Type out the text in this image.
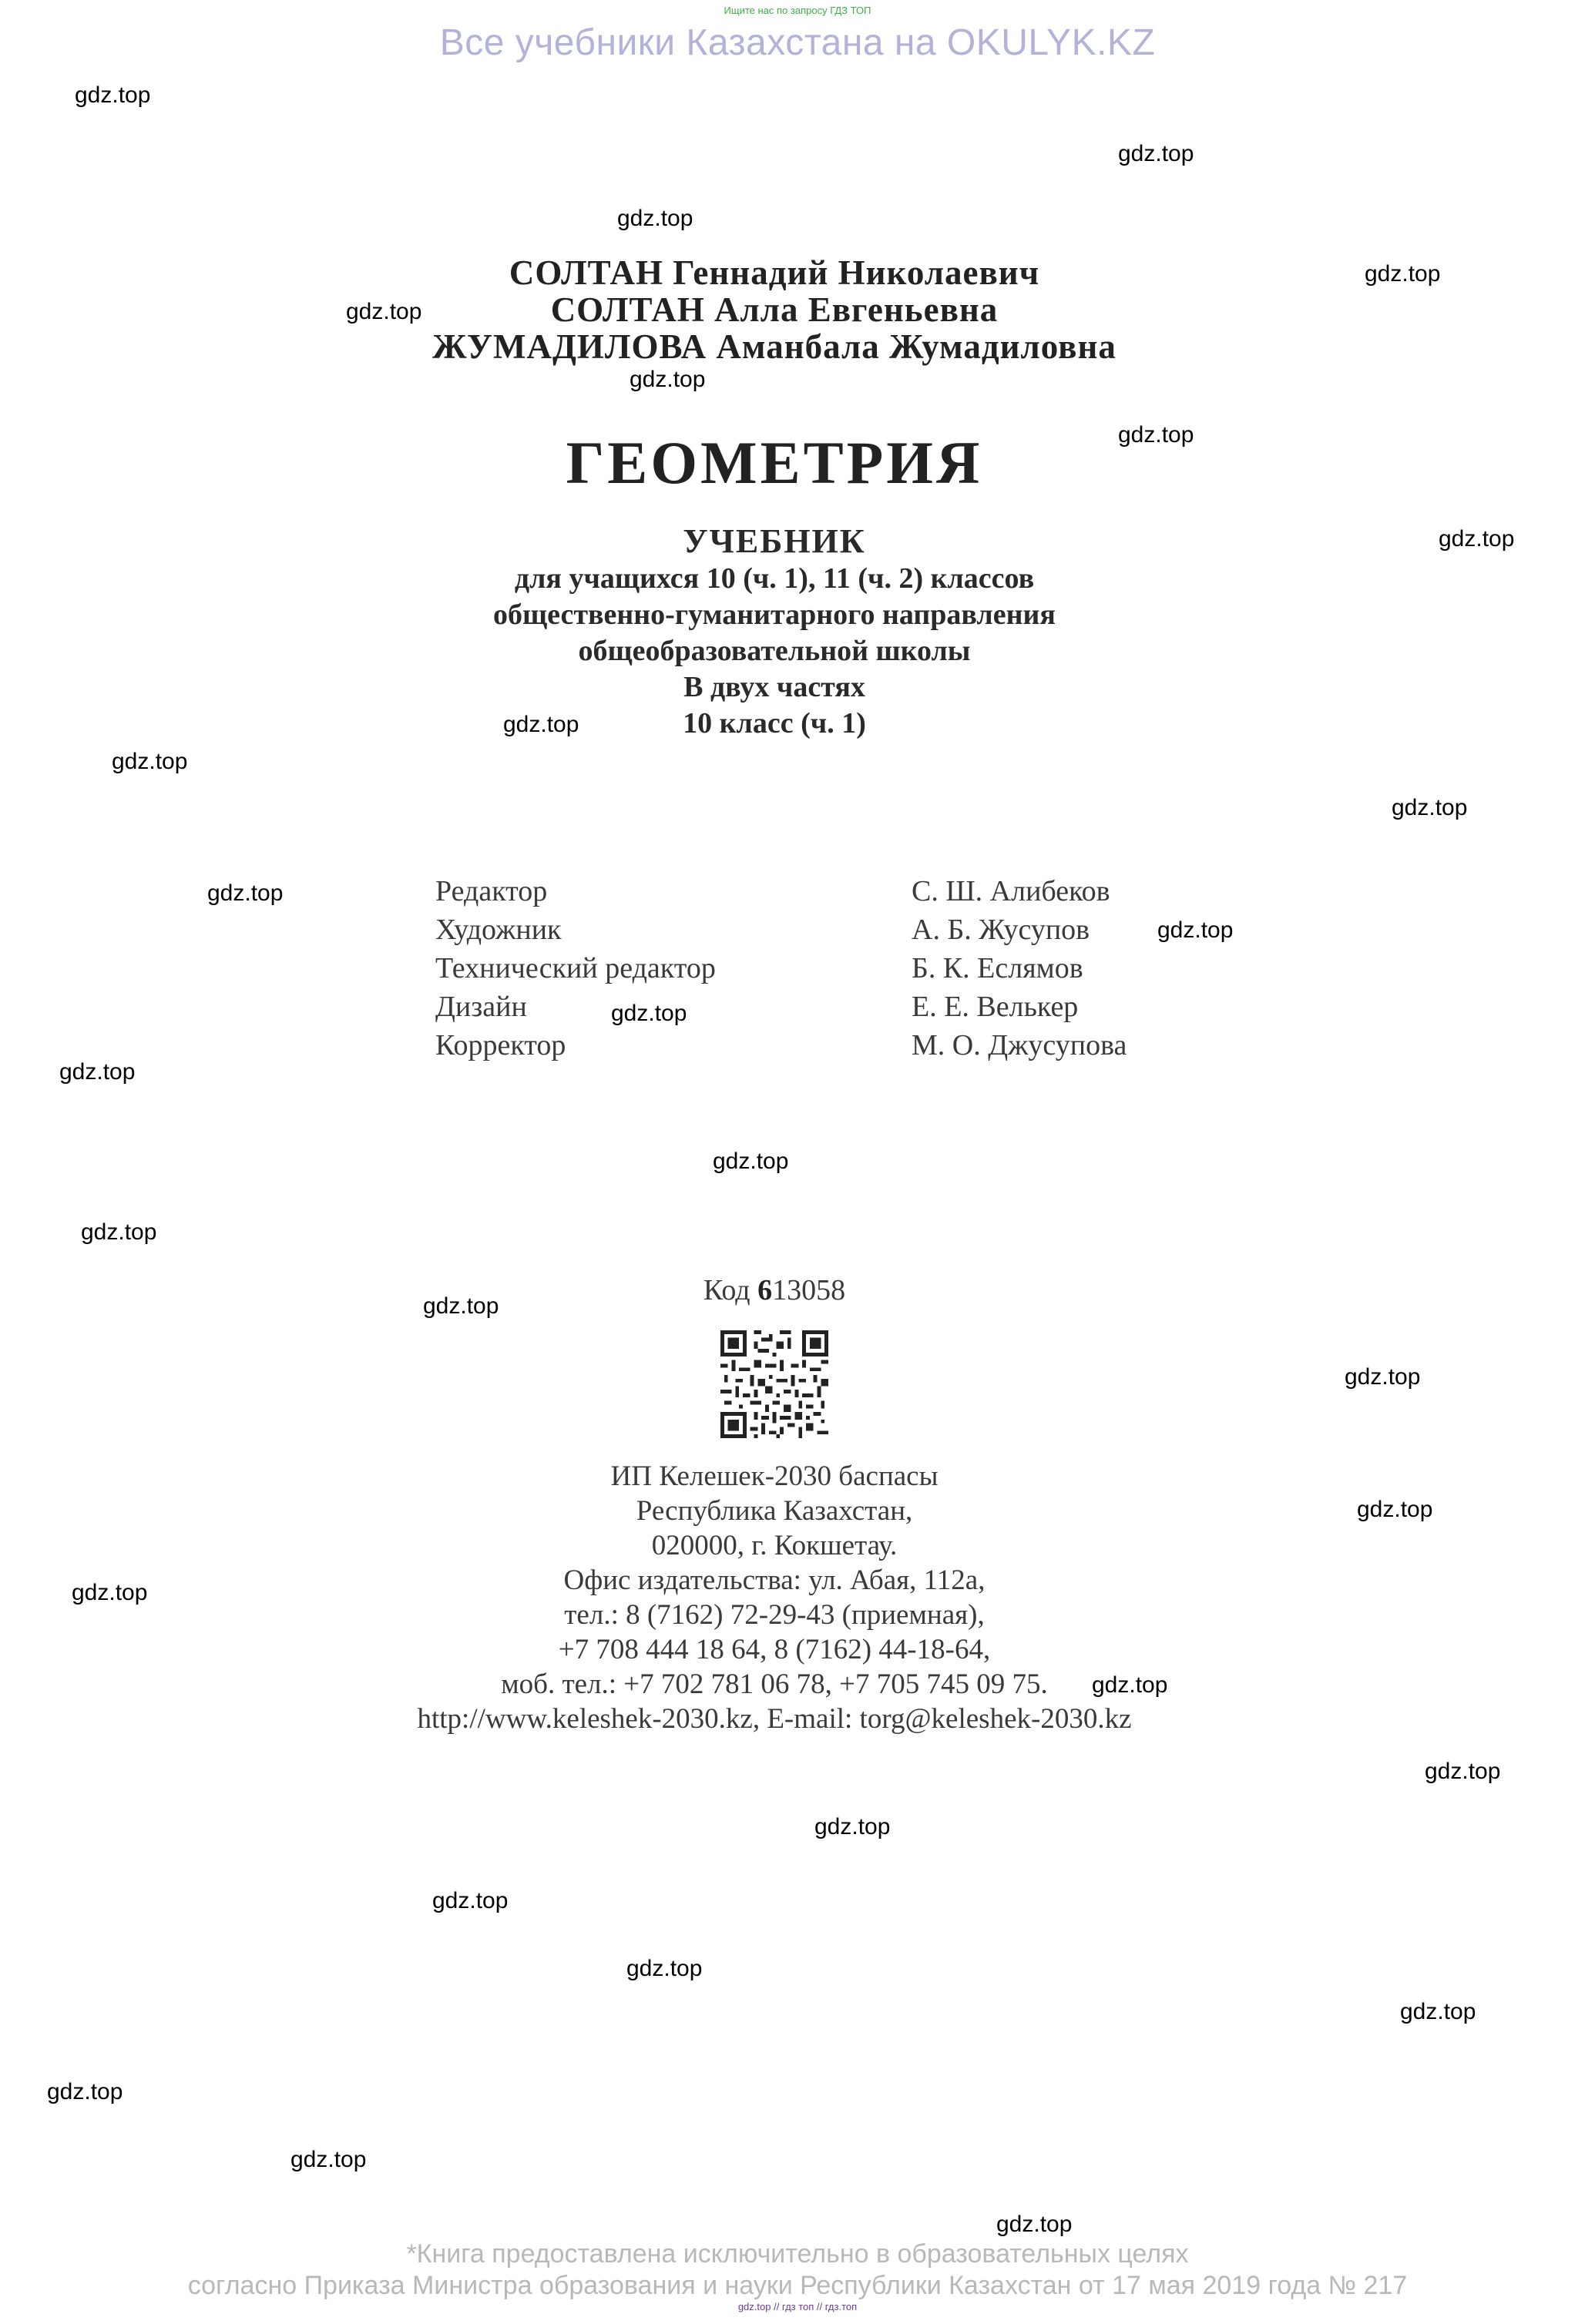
Ищите нас по запросу ГДЗ ТОП
Все учебники Казахстана на OKULYK.KZ
СОЛТАН Геннадий Николаевич
СОЛТАН Алла Евгеньевна
ЖУМАДИЛОВА Аманбала Жумадиловна
ГЕОМЕТРИЯ
УЧЕБНИК
для учащихся 10 (ч. 1), 11 (ч. 2) классов
общественно-гуманитарного направления
общеобразовательной школы
В двух частях
10 класс (ч. 1)
Редактор
Художник
Технический редактор
Дизайн
Корректор
С. Ш. Алибеков
А. Б. Жусупов
Б. К. Еслямов
Е. Е. Велькер
М. О. Джусупова
Код 613058
ИП Келешек-2030 баспасы
Республика Казахстан,
020000, г. Кокшетау.
Офис издательства: ул. Абая, 112а,
тел.: 8 (7162) 72-29-43 (приемная),
+7 708 444 18 64, 8 (7162) 44-18-64,
моб. тел.: +7 702 781 06 78, +7 705 745 09 75.
http://www.keleshek-2030.kz, E-mail: torg@keleshek-2030.kz
gdz.top
gdz.top
gdz.top
gdz.top
gdz.top
gdz.top
gdz.top
gdz.top
gdz.top
gdz.top
gdz.top
gdz.top
gdz.top
gdz.top
gdz.top
gdz.top
gdz.top
gdz.top
gdz.top
gdz.top
gdz.top
gdz.top
gdz.top
gdz.top
gdz.top
gdz.top
gdz.top
gdz.top
gdz.top
gdz.top
*Книга предоставлена исключительно в образовательных целях
согласно Приказа Министра образования и науки Республики Казахстан от 17 мая 2019 года № 217
gdz.top // гдз топ // гдз.топ
